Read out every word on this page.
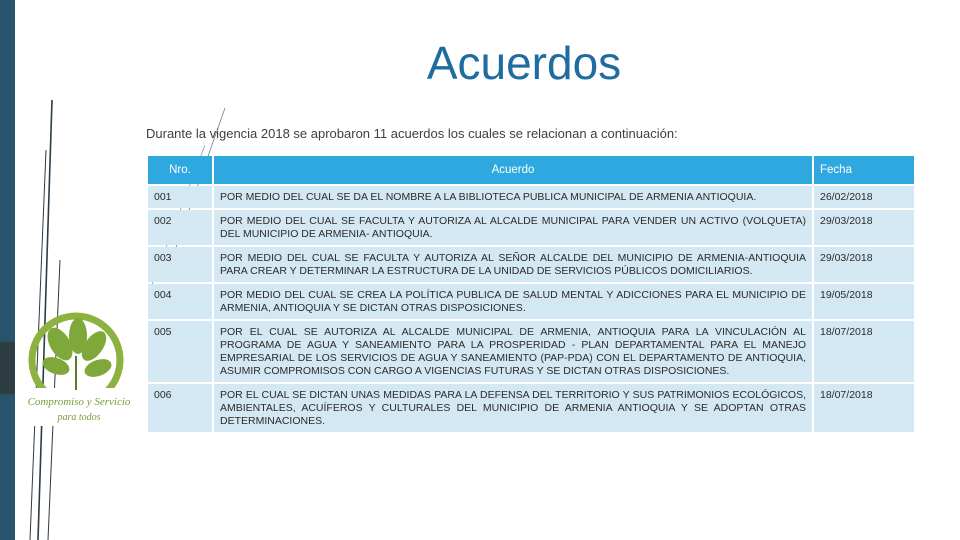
Acuerdos
Durante la vigencia 2018 se aprobaron 11 acuerdos los cuales se relacionan a continuación:
Compromiso y Servicio
para todos
Nro.	Acuerdo	Fecha
001	POR MEDIO DEL CUAL SE DA EL NOMBRE A LA BIBLIOTECA PUBLICA MUNICIPAL DE ARMENIA ANTIOQUIA.	26/02/2018
002	POR MEDIO DEL CUAL SE FACULTA Y AUTORIZA AL ALCALDE MUNICIPAL PARA VENDER UN ACTIVO (VOLQUETA) DEL MUNICIPIO DE ARMENIA- ANTIOQUIA.	29/03/2018
003	POR MEDIO DEL CUAL SE FACULTA Y AUTORIZA AL SEÑOR ALCALDE DEL MUNICIPIO DE ARMENIA-ANTIOQUIA PARA CREAR Y DETERMINAR LA ESTRUCTURA DE LA UNIDAD DE SERVICIOS PÚBLICOS DOMICILIARIOS.	29/03/2018
004	POR MEDIO DEL CUAL SE CREA LA POLÍTICA PUBLICA DE SALUD MENTAL Y ADICCIONES PARA EL MUNICIPIO DE ARMENIA, ANTIOQUIA Y SE DICTAN OTRAS DISPOSICIONES.	19/05/2018
005	POR EL CUAL SE AUTORIZA AL ALCALDE MUNICIPAL DE ARMENIA, ANTIOQUIA PARA LA VINCULACIÓN AL PROGRAMA DE AGUA Y SANEAMIENTO PARA LA PROSPERIDAD - PLAN DEPARTAMENTAL PARA EL MANEJO EMPRESARIAL DE LOS SERVICIOS DE AGUA Y SANEAMIENTO (PAP-PDA) CON EL DEPARTAMENTO DE ANTIOQUIA, ASUMIR COMPROMISOS CON CARGO A VIGENCIAS FUTURAS Y SE DICTAN OTRAS DISPOSICIONES.	18/07/2018
006	POR EL CUAL SE DICTAN UNAS MEDIDAS PARA LA DEFENSA DEL TERRITORIO Y SUS PATRIMONIOS ECOLÓGICOS, AMBIENTALES, ACUÍFEROS Y CULTURALES DEL MUNICIPIO DE ARMENIA ANTIOQUIA Y SE ADOPTAN OTRAS DETERMINACIONES.	18/07/2018
